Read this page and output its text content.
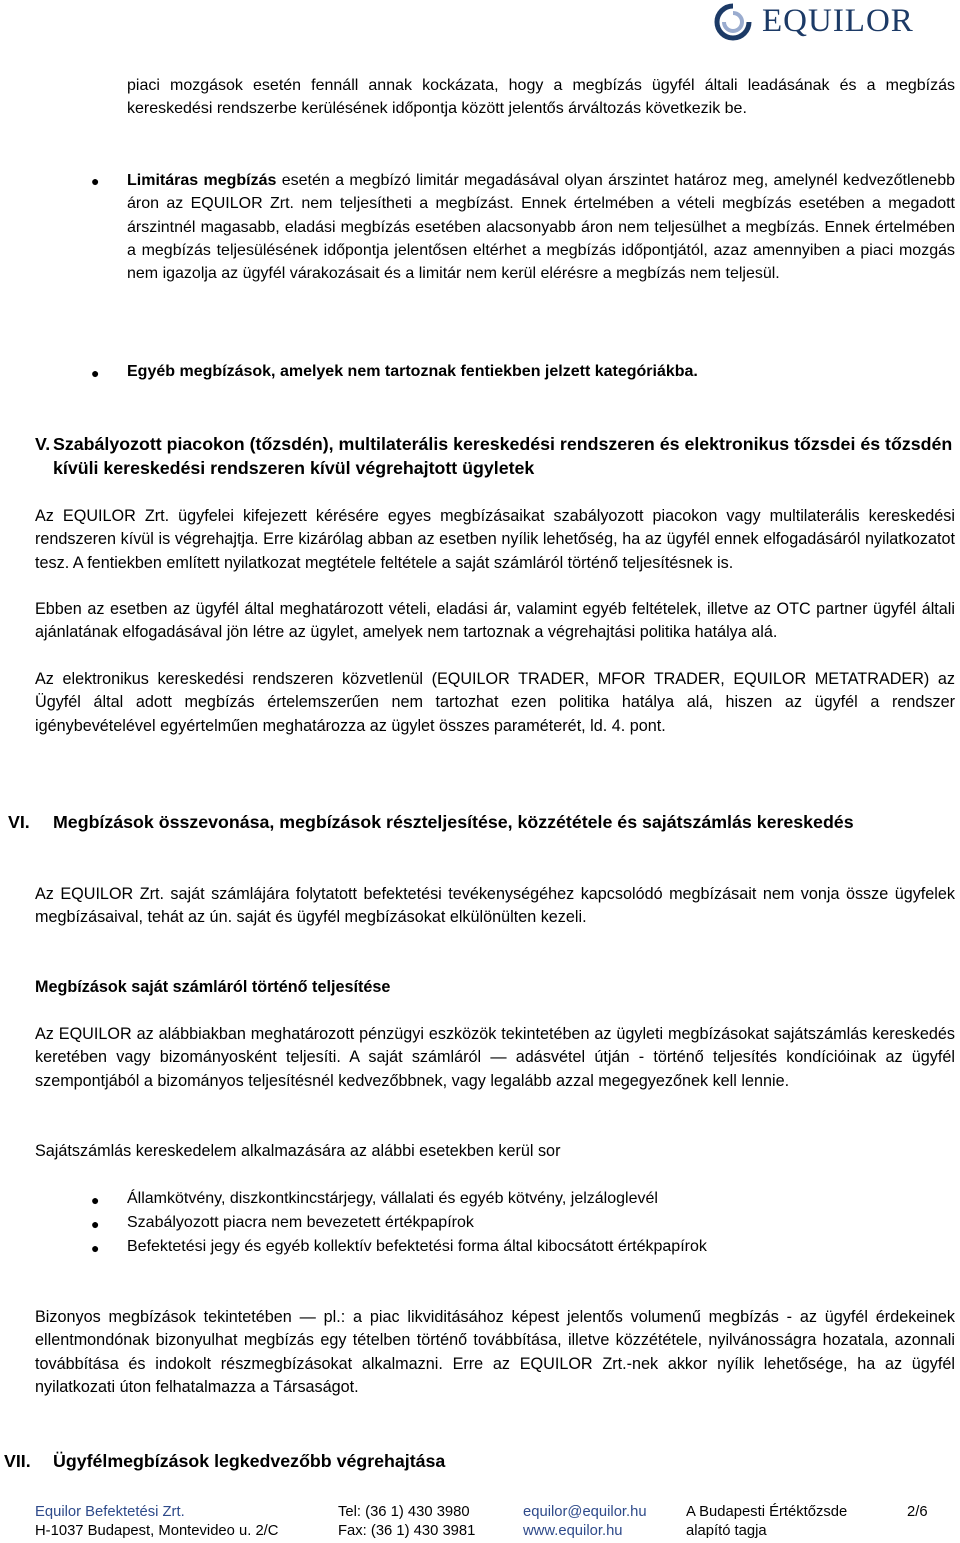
EQUILOR

piaci mozgások esetén fennáll annak kockázata, hogy a megbízás ügyfél általi leadásának és a megbízás kereskedési rendszerbe kerülésének időpontja között jelentős árváltozás következik be.

● Limitáras megbízás esetén a megbízó limitár megadásával olyan árszintet határoz meg, amelynél kedvezőtlenebb áron az EQUILOR Zrt. nem teljesítheti a megbízást. Ennek értelmében a vételi megbízás esetében a megadott árszintnél magasabb, eladási megbízás esetében alacsonyabb áron nem teljesülhet a megbízás. Ennek értelmében a megbízás teljesülésének időpontja jelentősen eltérhet a megbízás időpontjától, azaz amennyiben a piaci mozgás nem igazolja az ügyfél várakozásait és a limitár nem kerül elérésre a megbízás nem teljesül.

● Egyéb megbízások, amelyek nem tartoznak fentiekben jelzett kategóriákba.

V. Szabályozott piacokon (tőzsdén), multilaterális kereskedési rendszeren és elektronikus tőzsdei és tőzsdén kívüli kereskedési rendszeren kívül végrehajtott ügyletek

Az EQUILOR Zrt. ügyfelei kifejezett kérésére egyes megbízásaikat szabályozott piacokon vagy multilaterális kereskedési rendszeren kívül is végrehajtja. Erre kizárólag abban az esetben nyílik lehetőség, ha az ügyfél ennek elfogadásáról nyilatkozatot tesz. A fentiekben említett nyilatkozat megtétele feltétele a saját számláról történő teljesítésnek is.

Ebben az esetben az ügyfél által meghatározott vételi, eladási ár, valamint egyéb feltételek, illetve az OTC partner ügyfél általi ajánlatának elfogadásával jön létre az ügylet, amelyek nem tartoznak a végrehajtási politika hatálya alá.

Az elektronikus kereskedési rendszeren közvetlenül (EQUILOR TRADER, MFOR TRADER, EQUILOR METATRADER) az Ügyfél által adott megbízás értelemszerűen nem tartozhat ezen politika hatálya alá, hiszen az ügyfél a rendszer igénybevételével egyértelműen meghatározza az ügylet összes paraméterét, ld. 4. pont.

VI. Megbízások összevonása, megbízások részteljesítése, közzététele és sajátszámlás kereskedés

Az EQUILOR Zrt. saját számlájára folytatott befektetési tevékenységéhez kapcsolódó megbízásait nem vonja össze ügyfelek megbízásaival, tehát az ún. saját és ügyfél megbízásokat elkülönülten kezeli.

Megbízások saját számláról történő teljesítése

Az EQUILOR az alábbiakban meghatározott pénzügyi eszközök tekintetében az ügyleti megbízásokat sajátszámlás kereskedés keretében vagy bizományosként teljesíti. A saját számláról — adásvétel útján - történő teljesítés kondícióinak az ügyfél szempontjából a bizományos teljesítésnél kedvezőbbnek, vagy legalább azzal megegyezőnek kell lennie.

Sajátszámlás kereskedelem alkalmazására az alábbi esetekben kerül sor

● Államkötvény, diszkontkincstárjegy, vállalati és egyéb kötvény, jelzáloglevél

● Szabályozott piacra nem bevezetett értékpapírok

● Befektetési jegy és egyéb kollektív befektetési forma által kibocsátott értékpapírok

Bizonyos megbízások tekintetében — pl.: a piac likviditásához képest jelentős volumenű megbízás - az ügyfél érdekeinek ellentmondónak bizonyulhat megbízás egy tételben történő továbbítása, illetve közzététele, nyilvánosságra hozatala, azonnali továbbítása és indokolt részmegbízásokat alkalmazni. Erre az EQUILOR Zrt.-nek akkor nyílik lehetősége, ha az ügyfél nyilatkozati úton felhatalmazza a Társaságot.

VII. Ügyfélmegbízások legkedvezőbb végrehajtása

Equilor Befektetési Zrt.
H-1037 Budapest, Montevideo u. 2/C
Tel: (36 1) 430 3980
Fax: (36 1) 430 3981
equilor@equilor.hu
www.equilor.hu
A Budapesti Értéktőzsde
alapító tagja
2/6
